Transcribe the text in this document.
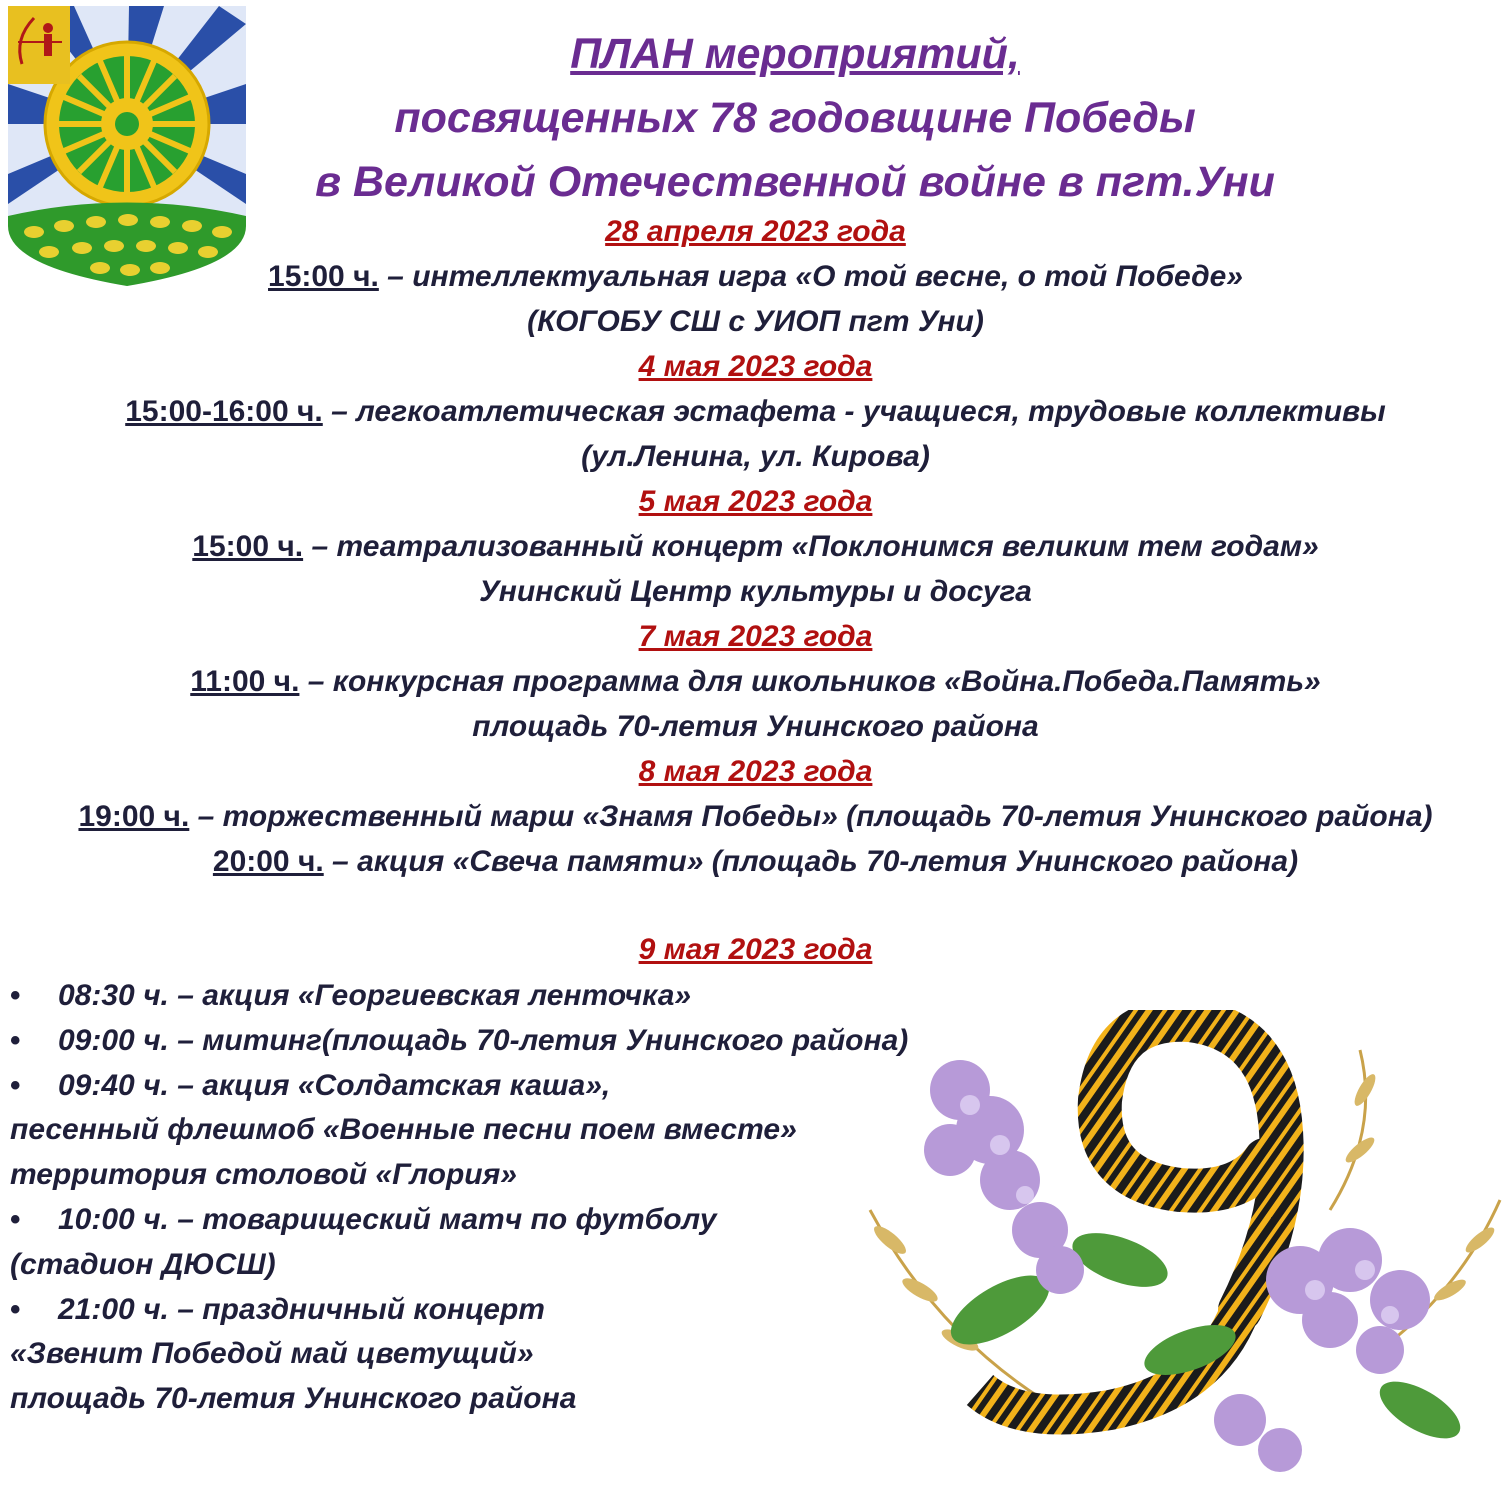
ПЛАН мероприятий,
посвященных 78 годовщине Победы
в Великой Отечественной войне в пгт.Уни
28 апреля 2023 года
15:00 ч. – интеллектуальная игра «О той весне, о той Победе»
(КОГОБУ СШ с УИОП пгт Уни)
4 мая 2023 года
15:00-16:00 ч. – легкоатлетическая эстафета - учащиеся, трудовые коллективы
(ул.Ленина, ул. Кирова)
5 мая 2023 года
15:00 ч. – театрализованный концерт «Поклонимся великим тем годам»
Унинский Центр культуры и досуга
7 мая 2023 года
11:00 ч. – конкурсная программа для школьников «Война.Победа.Память»
площадь 70-летия Унинского района
8 мая 2023 года
19:00 ч. – торжественный марш «Знамя Победы» (площадь 70-летия Унинского района)
20:00 ч. – акция «Свеча памяти» (площадь 70-летия Унинского района)
9 мая 2023 года
• 08:30 ч. – акция «Георгиевская ленточка»
• 09:00 ч. – митинг(площадь 70-летия Унинского района)
• 09:40 ч. – акция «Солдатская каша»,
песенный флешмоб «Военные песни поем вместе»
территория столовой «Глория»
• 10:00 ч. – товарищеский матч по футболу
(стадион ДЮСШ)
• 21:00 ч. – праздничный концерт
«Звенит Победой май цветущий»
площадь 70-летия Унинского района
